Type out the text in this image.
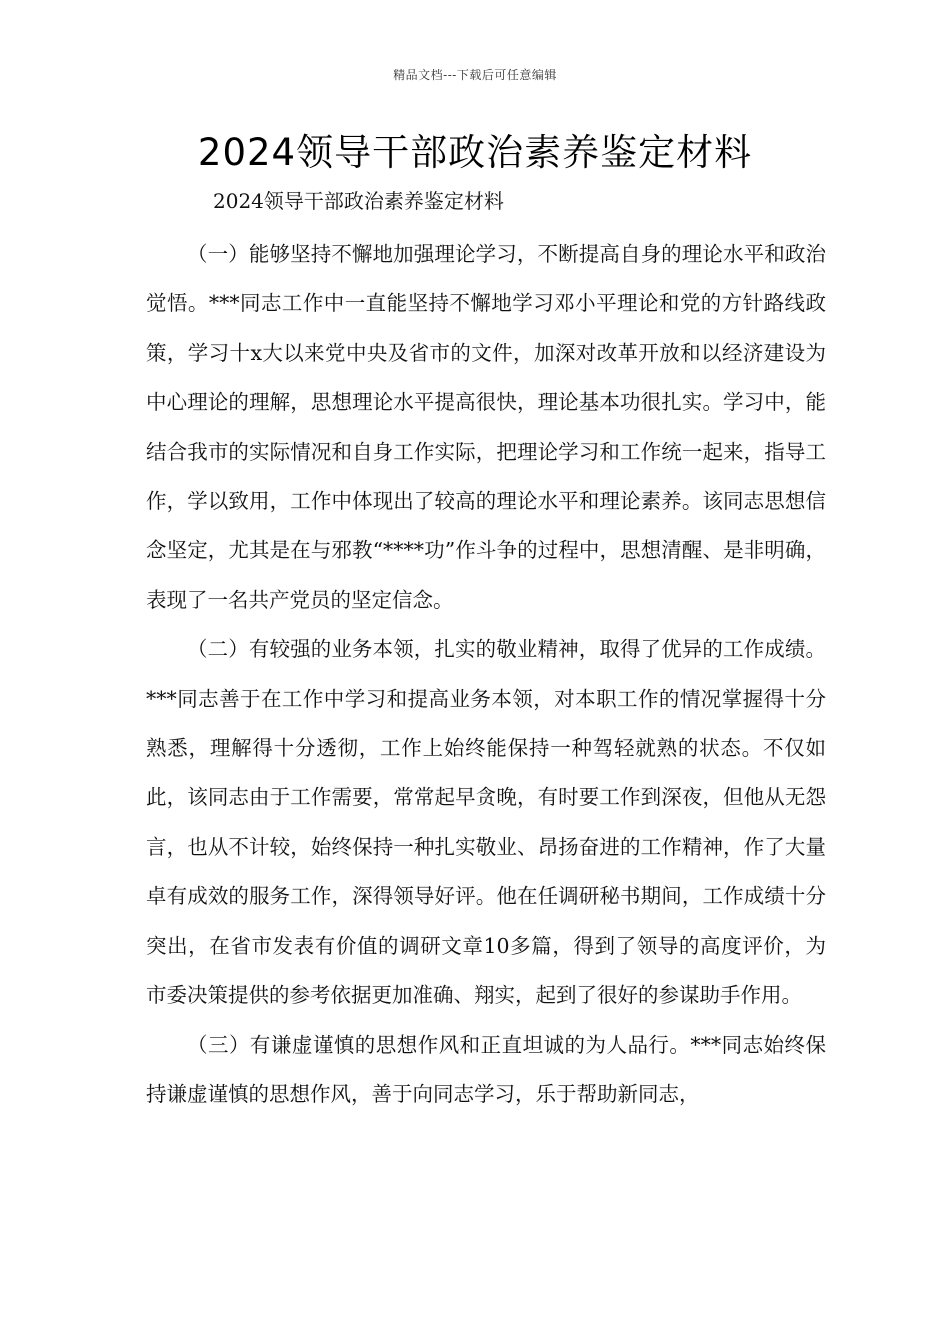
精品文档---下载后可任意编辑
2024领导干部政治素养鉴定材料
2024领导干部政治素养鉴定材料

（一）能够坚持不懈地加强理论学习，不断提高自身的理论水平和政治觉悟。***同志工作中一直能坚持不懈地学习邓小平理论和党的方针路线政策，学习十x大以来党中央及省市的文件，加深对改革开放和以经济建设为中心理论的理解，思想理论水平提高很快，理论基本功很扎实。学习中，能结合我市的实际情况和自身工作实际，把理论学习和工作统一起来，指导工作，学以致用，工作中体现出了较高的理论水平和理论素养。该同志思想信念坚定，尤其是在与邪教“****功”作斗争的过程中，思想清醒、是非明确，表现了一名共产党员的坚定信念。

（二）有较强的业务本领，扎实的敬业精神，取得了优异的工作成绩。***同志善于在工作中学习和提高业务本领，对本职工作的情况掌握得十分熟悉，理解得十分透彻，工作上始终能保持一种驾轻就熟的状态。不仅如此，该同志由于工作需要，常常起早贪晚，有时要工作到深夜，但他从无怨言，也从不计较，始终保持一种扎实敬业、昂扬奋进的工作精神，作了大量卓有成效的服务工作，深得领导好评。他在任调研秘书期间，工作成绩十分突出，在省市发表有价值的调研文章10多篇，得到了领导的高度评价，为市委决策提供的参考依据更加准确、翔实，起到了很好的参谋助手作用。

（三）有谦虚谨慎的思想作风和正直坦诚的为人品行。***同志始终保持谦虚谨慎的思想作风，善于向同志学习，乐于帮助新同志，
